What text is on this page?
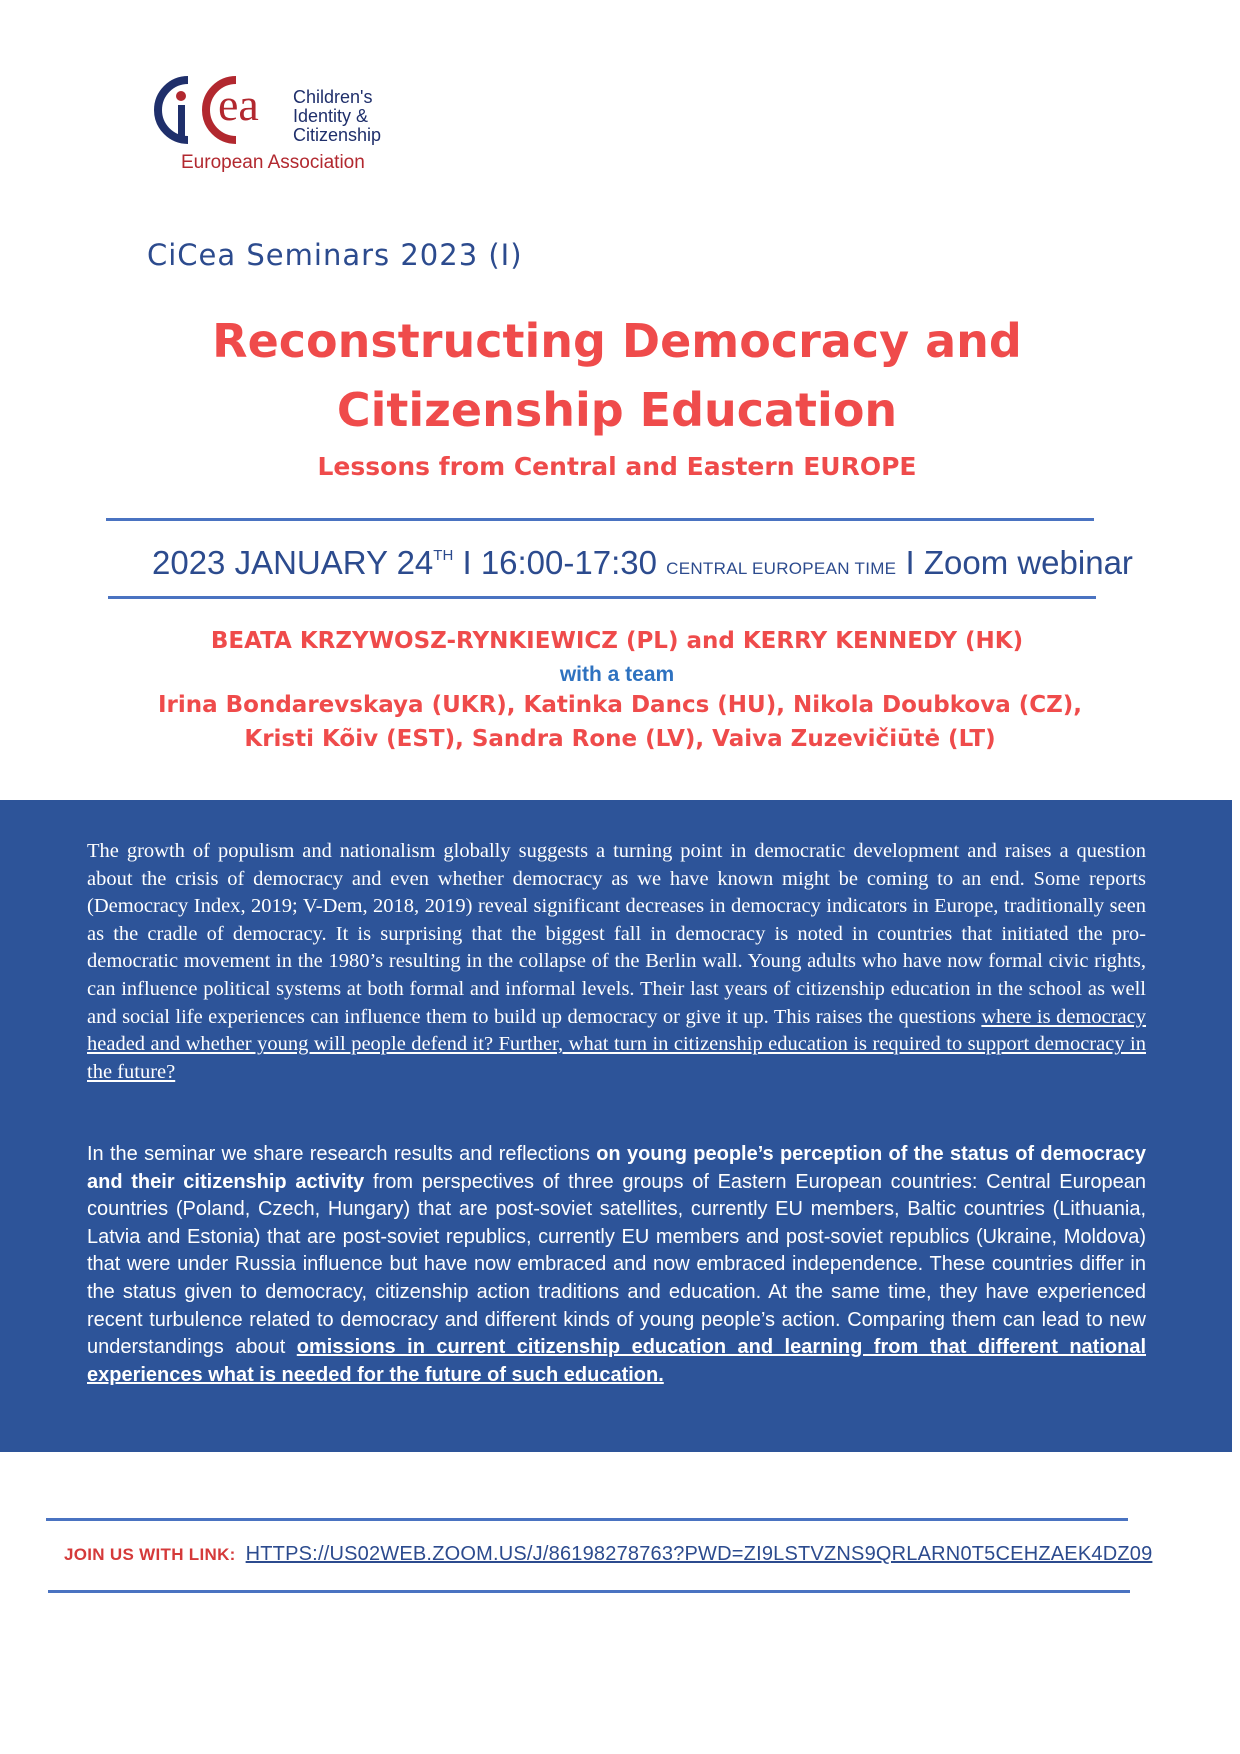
ea Children's
Identity &
Citizenship
European Association
CiCea Seminars 2023 (I)
Reconstructing Democracy and
Citizenship Education
Lessons from Central and Eastern EUROPE
2023 JANUARY 24TH I 16:00-17:30 CENTRAL EUROPEAN TIME I Zoom webinar
BEATA KRZYWOSZ-RYNKIEWICZ (PL) and KERRY KENNEDY (HK)
with a team
Irina Bondarevskaya (UKR), Katinka Dancs (HU), Nikola Doubkova (CZ),
Kristi Kõiv (EST), Sandra Rone (LV), Vaiva Zuzevičiūtė (LT)
The growth of populism and nationalism globally suggests a turning point in democratic development and raises a question about the crisis of democracy and even whether democracy as we have known might be coming to an end. Some reports (Democracy Index, 2019; V-Dem, 2018, 2019) reveal significant decreases in democracy indicators in Europe, traditionally seen as the cradle of democracy. It is surprising that the biggest fall in democracy is noted in countries that initiated the pro-democratic movement in the 1980’s resulting in the collapse of the Berlin wall. Young adults who have now formal civic rights, can influence political systems at both formal and informal levels. Their last years of citizenship education in the school as well and social life experiences can influence them to build up democracy or give it up. This raises the questions where is democracy headed and whether young will people defend it? Further, what turn in citizenship education is required to support democracy in the future?
In the seminar we share research results and reflections on young people’s perception of the status of democracy and their citizenship activity from perspectives of three groups of Eastern European countries: Central European countries (Poland, Czech, Hungary) that are post-soviet satellites, currently EU members, Baltic countries (Lithuania, Latvia and Estonia) that are post-soviet republics, currently EU members and post-soviet republics (Ukraine, Moldova) that were under Russia influence but have now embraced and now embraced independence. These countries differ in the status given to democracy, citizenship action traditions and education. At the same time, they have experienced recent turbulence related to democracy and different kinds of young people’s action. Comparing them can lead to new understandings about omissions in current citizenship education and learning from that different national experiences what is needed for the future of such education.
JOIN US WITH LINK: HTTPS://US02WEB.ZOOM.US/J/86198278763?PWD=ZI9LSTVZNS9QRLARN0T5CEHZAEK4DZ09
